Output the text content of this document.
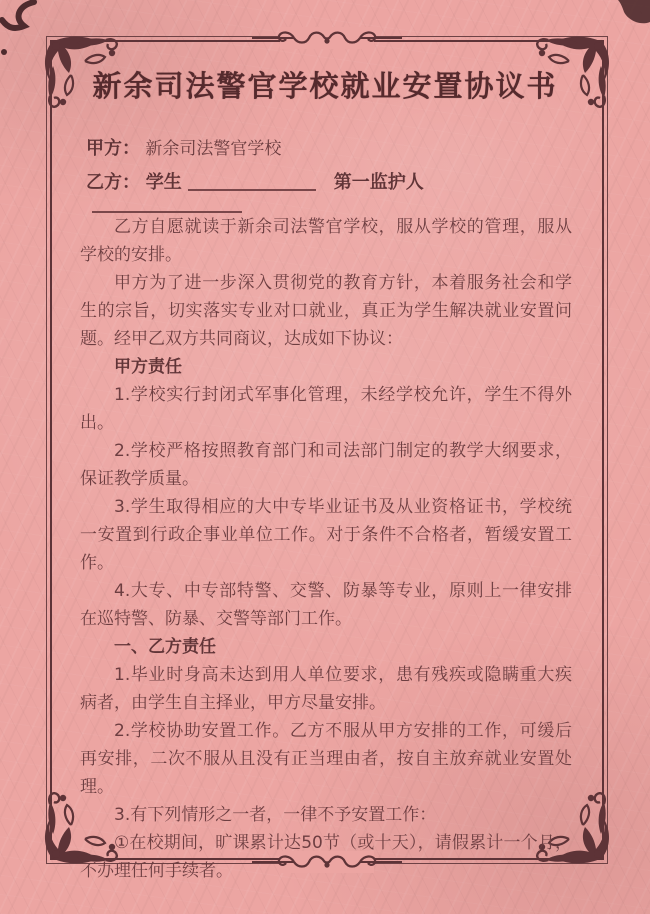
新余司法警官学校就业安置协议书
甲方： 新余司法警官学校
乙方： 学生	第一监护人

乙方自愿就读于新余司法警官学校，服从学校的管理，服从学校的安排。

甲方为了进一步深入贯彻党的教育方针，本着服务社会和学生的宗旨，切实落实专业对口就业，真正为学生解决就业安置问题。经甲乙双方共同商议，达成如下协议：

甲方责任

1.学校实行封闭式军事化管理，未经学校允许，学生不得外出。

2.学校严格按照教育部门和司法部门制定的教学大纲要求，保证教学质量。

3.学生取得相应的大中专毕业证书及从业资格证书，学校统一安置到行政企事业单位工作。对于条件不合格者，暂缓安置工作。

4.大专、中专部特警、交警、防暴等专业，原则上一律安排在巡特警、防暴、交警等部门工作。

一、乙方责任

1.毕业时身高未达到用人单位要求，患有残疾或隐瞒重大疾病者，由学生自主择业，甲方尽量安排。

2.学校协助安置工作。乙方不服从甲方安排的工作，可缓后再安排，二次不服从且没有正当理由者，按自主放弃就业安置处理。

3.有下列情形之一者，一律不予安置工作：

①在校期间，旷课累计达50节（或十天），请假累计一个月，不办理任何手续者。
